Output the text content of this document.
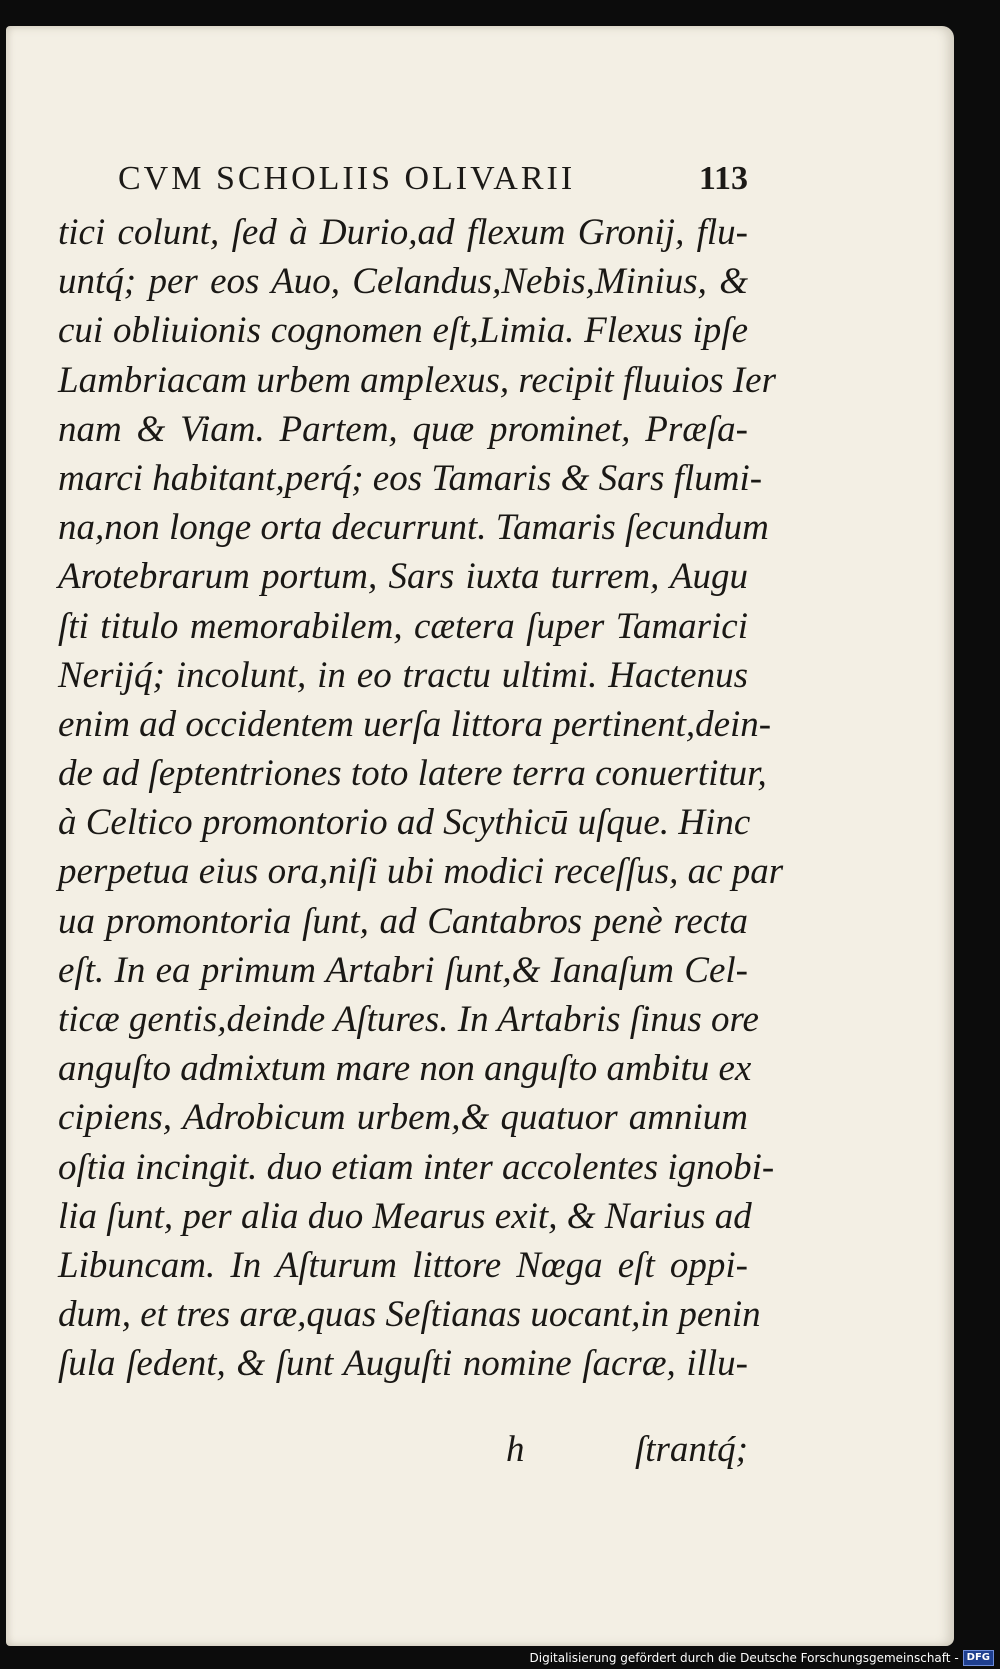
CVM SCHOLIIS OLIVARII	113
tici colunt, ſed à Durio,ad flexum Gronij, flu-
untq́; per eos Auo, Celandus,Nebis,Minius, &
cui obliuionis cognomen eſt,Limia. Flexus ipſe
Lambriacam urbem amplexus, recipit fluuios Ier
nam & Viam. Partem, quæ prominet, Præſa-
marci habitant,perq́; eos Tamaris & Sars flumi-
na,non longe orta decurrunt. Tamaris ſecundum
Arotebrarum portum, Sars iuxta turrem, Augu
ſti titulo memorabilem, cætera ſuper Tamarici
Nerijq́; incolunt, in eo tractu ultimi. Hactenus
enim ad occidentem uerſa littora pertinent,dein-
de ad ſeptentriones toto latere terra conuertitur,
à Celtico promontorio ad Scythicū uſque. Hinc
perpetua eius ora,niſi ubi modici receſſus, ac par
ua promontoria ſunt, ad Cantabros penè recta
eſt. In ea primum Artabri ſunt,& Ianaſum Cel-
ticæ gentis,deinde Aſtures. In Artabris ſinus ore
anguſto admixtum mare non anguſto ambitu ex
cipiens, Adrobicum urbem,& quatuor amnium
oſtia incingit. duo etiam inter accolentes ignobi-
lia ſunt, per alia duo Mearus exit, & Narius ad
Libuncam. In Aſturum littore Nœga eſt oppi-
dum, et tres aræ,quas Seſtianas uocant,in penin
ſula ſedent, & ſunt Auguſti nomine ſacræ, illu-
h	ſtrantq́;
Digitalisierung gefördert durch die Deutsche Forschungsgemeinschaft - DFG
